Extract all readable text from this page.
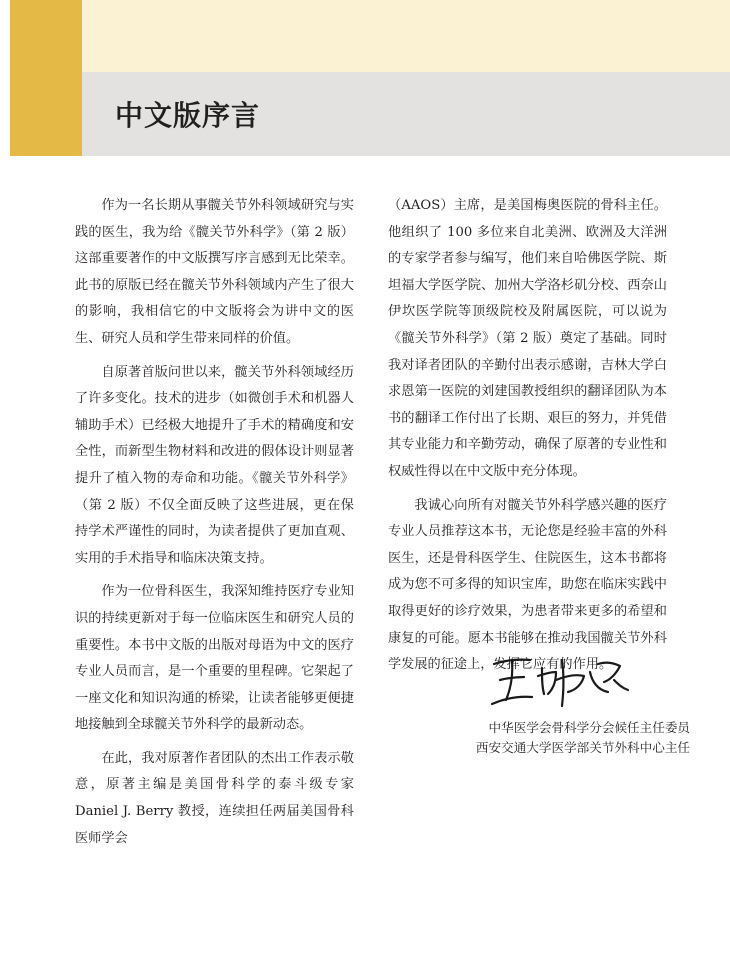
中文版序言

作为一名长期从事髋关节外科领域研究与实践的医生，我为给《髋关节外科学》（第 2 版）这部重要著作的中文版撰写序言感到无比荣幸。此书的原版已经在髋关节外科领域内产生了很大的影响，我相信它的中文版将会为讲中文的医生、研究人员和学生带来同样的价值。

自原著首版问世以来，髋关节外科领域经历了许多变化。技术的进步（如微创手术和机器人辅助手术）已经极大地提升了手术的精确度和安全性，而新型生物材料和改进的假体设计则显著提升了植入物的寿命和功能。《髋关节外科学》（第 2 版）不仅全面反映了这些进展，更在保持学术严谨性的同时，为读者提供了更加直观、实用的手术指导和临床决策支持。

作为一位骨科医生，我深知维持医疗专业知识的持续更新对于每一位临床医生和研究人员的重要性。本书中文版的出版对母语为中文的医疗专业人员而言，是一个重要的里程碑。它架起了一座文化和知识沟通的桥梁，让读者能够更便捷地接触到全球髋关节外科学的最新动态。

在此，我对原著作者团队的杰出工作表示敬意，原著主编是美国骨科学的泰斗级专家 Daniel J. Berry 教授，连续担任两届美国骨科医师学会

（AAOS）主席，是美国梅奥医院的骨科主任。他组织了 100 多位来自北美洲、欧洲及大洋洲的专家学者参与编写，他们来自哈佛医学院、斯坦福大学医学院、加州大学洛杉矶分校、西奈山伊坎医学院等顶级院校及附属医院，可以说为《髋关节外科学》（第 2 版）奠定了基础。同时我对译者团队的辛勤付出表示感谢，吉林大学白求恩第一医院的刘建国教授组织的翻译团队为本书的翻译工作付出了长期、艰巨的努力，并凭借其专业能力和辛勤劳动，确保了原著的专业性和权威性得以在中文版中充分体现。

我诚心向所有对髋关节外科学感兴趣的医疗专业人员推荐这本书，无论您是经验丰富的外科医生，还是骨科医学生、住院医生，这本书都将成为您不可多得的知识宝库，助您在临床实践中取得更好的诊疗效果，为患者带来更多的希望和康复的可能。愿本书能够在推动我国髋关节外科学发展的征途上，发挥它应有的作用。

中华医学会骨科学分会候任主任委员

西安交通大学医学部关节外科中心主任
